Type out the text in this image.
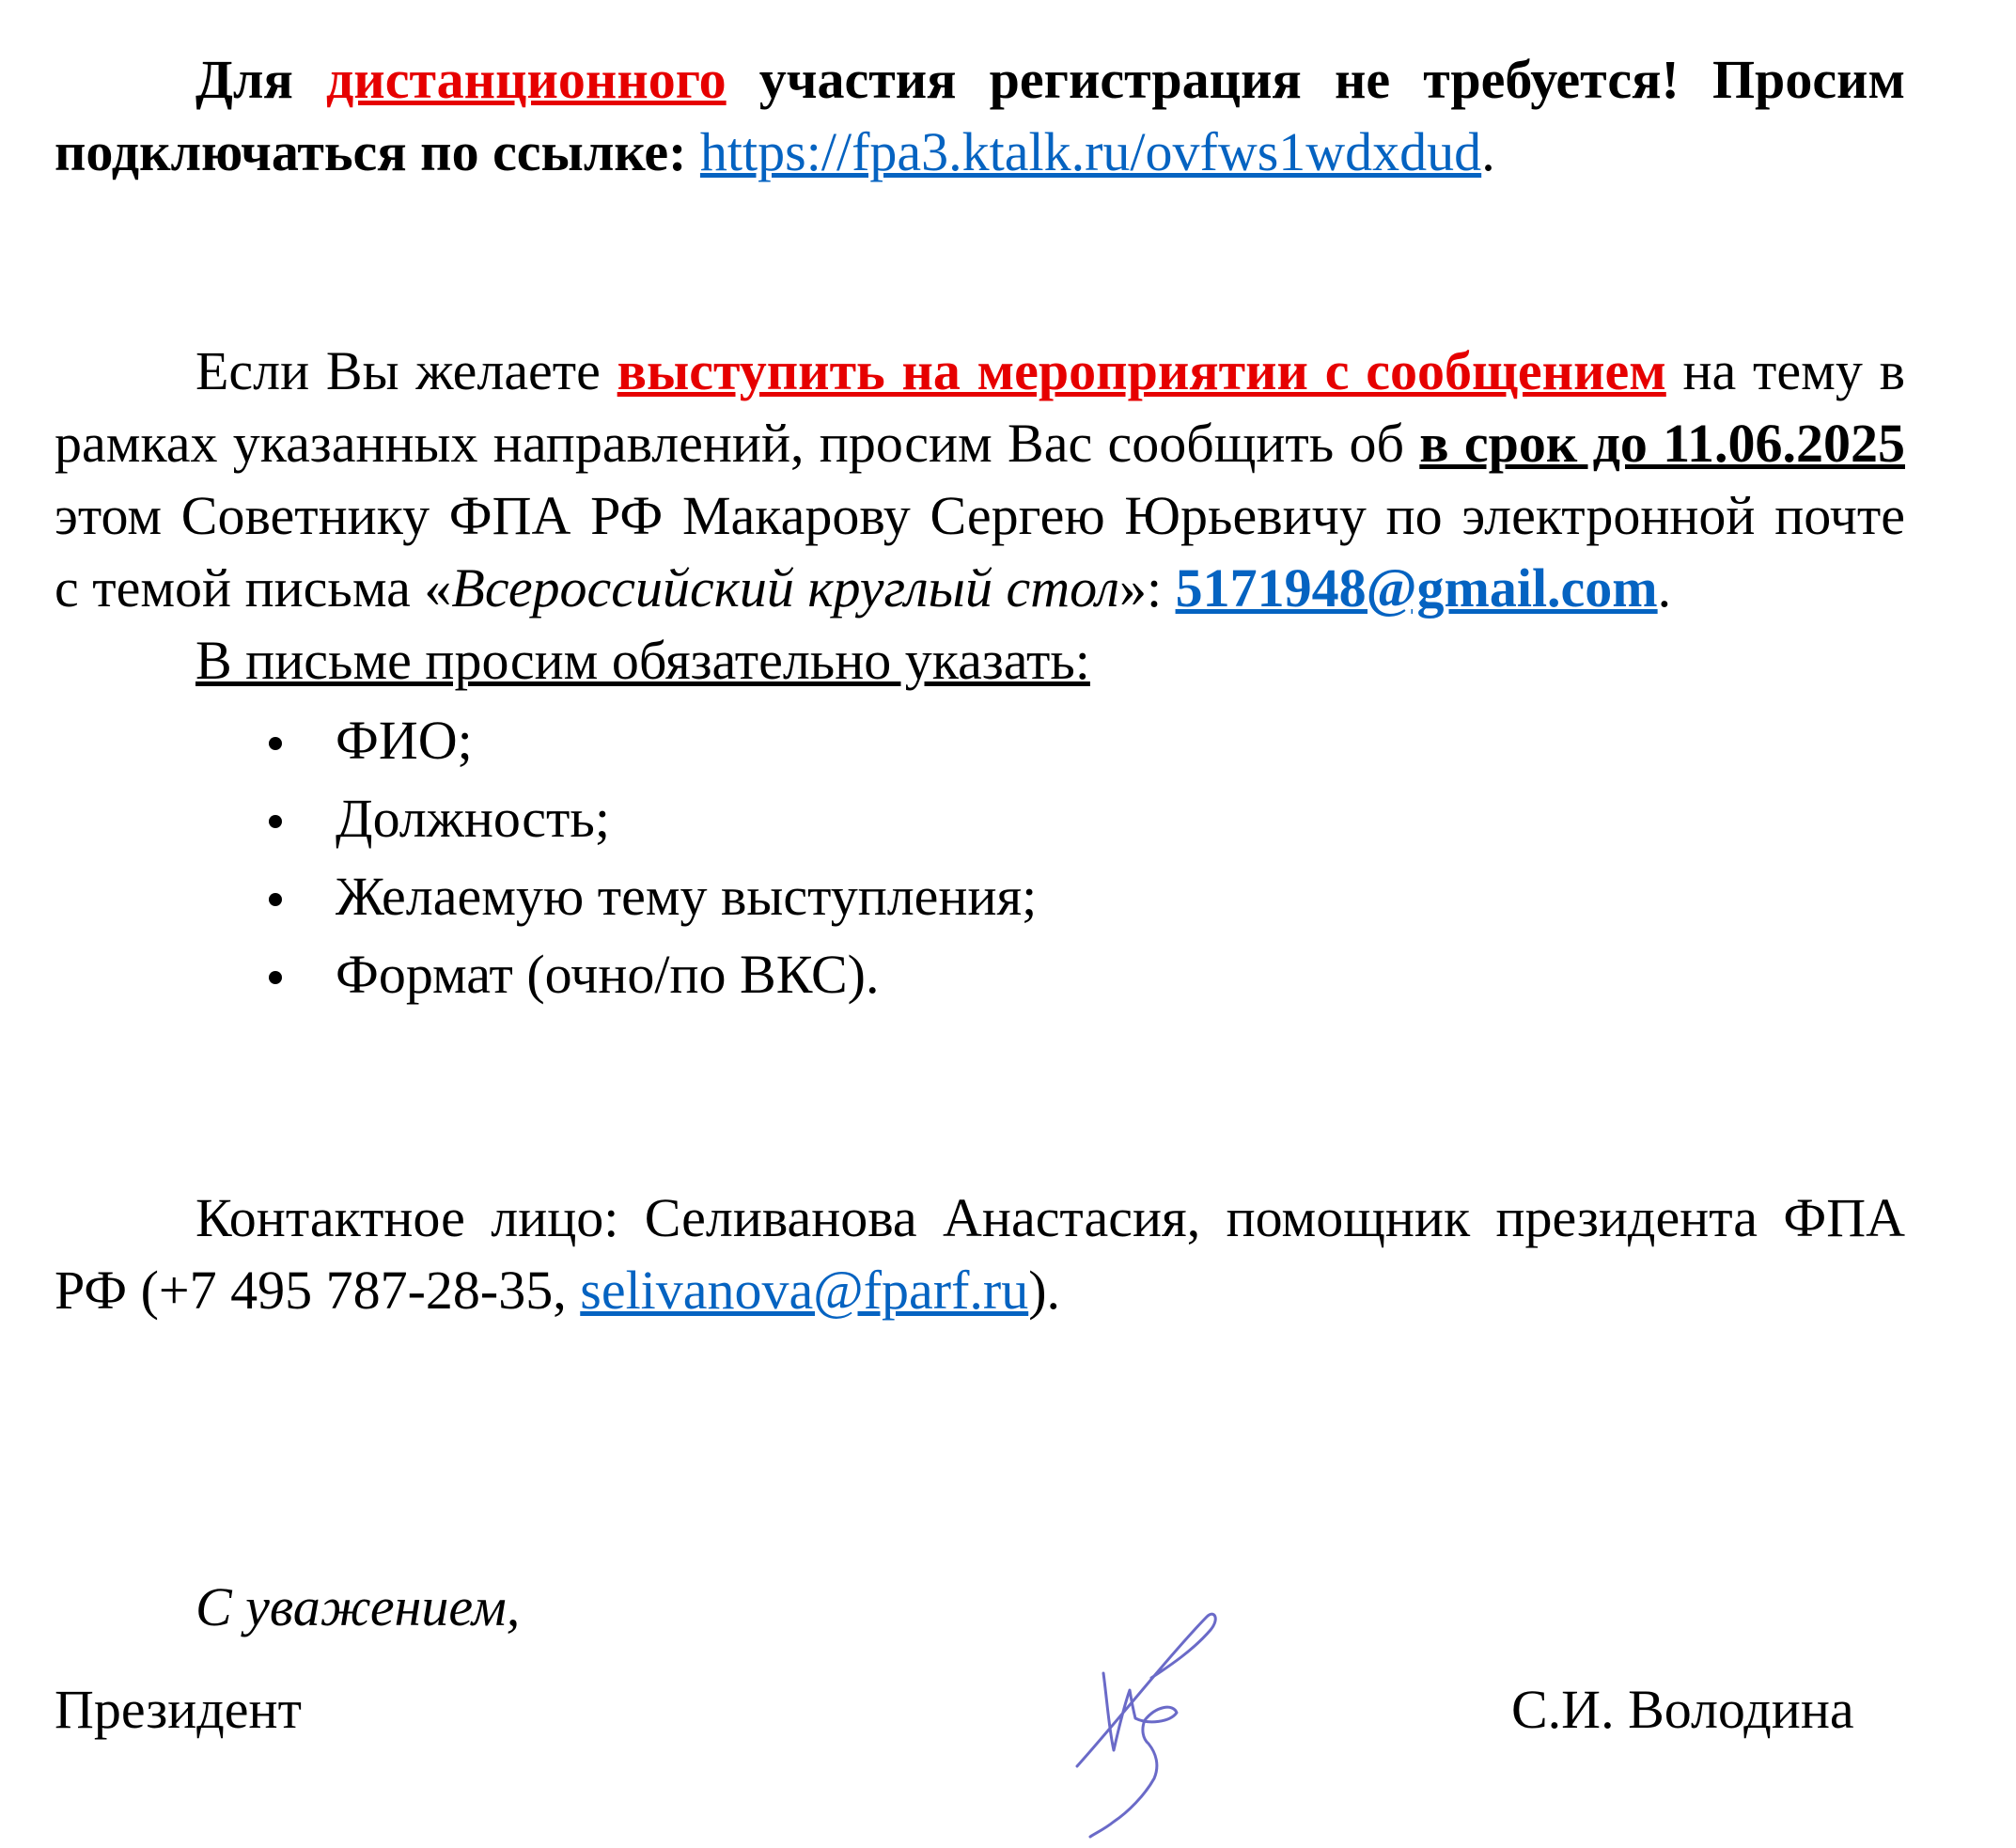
Для дистанционного участия регистрация не требуется! Просим
подключаться по ссылке: https://fpa3.ktalk.ru/ovfws1wdxdud.
Если Вы желаете выступить на мероприятии с сообщением на тему в
рамках указанных направлений, просим Вас сообщить об в срок до 11.06.2025
этом Советнику ФПА РФ Макарову Сергею Юрьевичу по электронной почте
с темой письма «Всероссийский круглый стол»: 5171948@gmail.com.
В письме просим обязательно указать:
ФИО;
Должность;
Желаемую тему выступления;
Формат (очно/по ВКС).
Контактное лицо: Селиванова Анастасия, помощник президента ФПА
РФ (+7 495 787-28-35, selivanova@fparf.ru).
С уважением,
Президент	С.И. Володина
